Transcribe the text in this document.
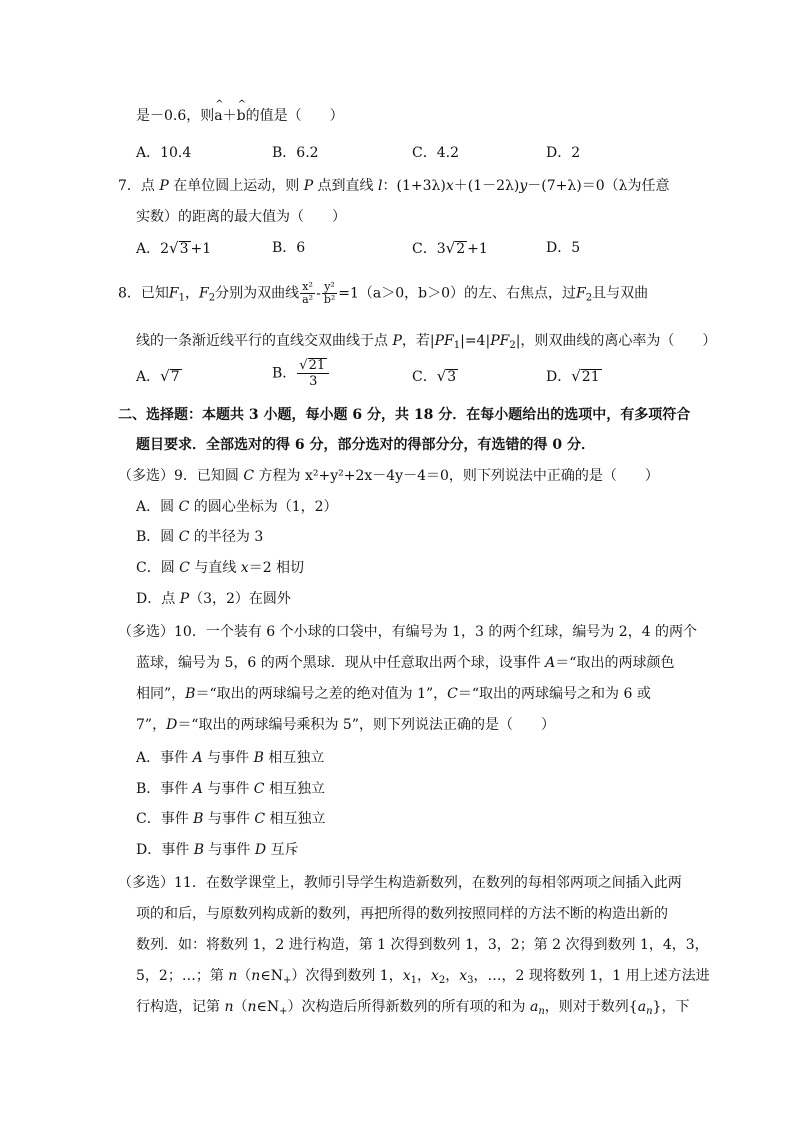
是－0.6，则^ a＋^ b的值是（　　）
A．10.4	B．6.2	C．4.2	D．2
7．点 P 在单位圆上运动，则 P 点到直线 l：(1+3λ)x＋(1－2λ)y－(7+λ)＝0（λ为任意
实数）的距离的最大值为（　　）
A．2√3 +1	B．6	C．3√2 +1	D．5
8．已知$F_1$，$F_2$分别为双曲线 $\frac{\text{x²}}{\text{a²}} - \frac{\text{y²}}{\text{b²}} =1(a>0$，b＞0）的左、右焦点，过$F_2$且与双曲
线的一条渐近线平行的直线交双曲线于点 P，若$|PF_1|=4|PF_2|$，则双曲线的离心率为（　　）
A．√7	B． $\frac{√21}{3}$	C．√3	D．√21
二、选择题：本题共 3 小题，每小题 6 分，共 18 分．在每小题给出的选项中，有多项符合
题目要求．全部选对的得 6 分，部分选对的得部分分，有选错的得 0 分．
（多选）9．已知圆 C 方程为 x²+y²+2x－4y－4＝0，则下列说法中正确的是（　　）
A．圆 C 的圆心坐标为（1，2）
B．圆 C 的半径为 3
C．圆 C 与直线 x＝2 相切
D．点 P（3，2）在圆外
（多选）10．一个装有 6 个小球的口袋中，有编号为 1，3 的两个红球，编号为 2，4 的两个
蓝球，编号为 5，6 的两个黑球．现从中任意取出两个球，设事件 A＝“取出的两球颜色
相同”，B＝“取出的两球编号之差的绝对值为 1”，C＝“取出的两球编号之和为 6 或
7”，D＝“取出的两球编号乘积为 5”，则下列说法正确的是（　　）
A．事件 A 与事件 B 相互独立
B．事件 A 与事件 C 相互独立
C．事件 B 与事件 C 相互独立
D．事件 B 与事件 D 互斥
（多选）11．在数学课堂上，教师引导学生构造新数列，在数列的每相邻两项之间插入此两
项的和后，与原数列构成新的数列，再把所得的数列按照同样的方法不断的构造出新的
数列．如：将数列 1，2 进行构造，第 1 次得到数列 1，3，2；第 2 次得到数列 1，4，3，
5，2；…；第 $n(n\in N_+)$次得到数列 1，$x_1$，$x_2$，$x_3$，…，2 现将数列 1，1 用上述方法进
行构造，记第 $n(n\in N_+)$次构造后所得新数列的所有项的和为 $a_n$，则对于数列$\{a_n\}$，下
